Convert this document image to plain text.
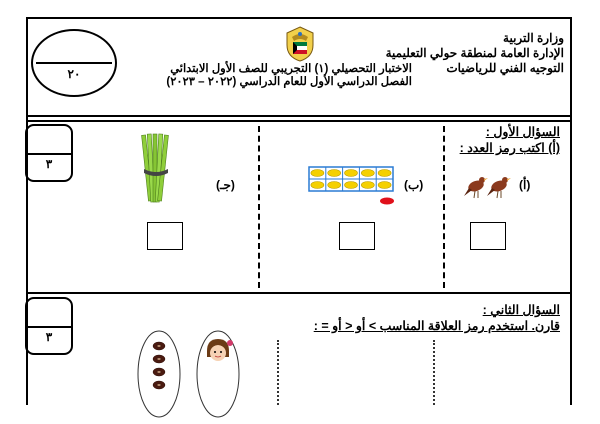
٢٠
وزارة التربية
الإدارة العامة لمنطقة حولي التعليمية
التوجيه الفني للرياضيات
الاختبار التحصيلي (١) التجريبي للصف الأول الابتدائي
الفصل الدراسي الأول للعام الدراسي (٢٠٢٢ – ٢٠٢٣)
٣
السؤال الأول :
(أ) اكتب رمز العدد :
(أ)
(ب)
(جـ)
٣
السؤال الثاني :
قارن. استخدم رمز العلاقة المناسب > أو < أو = :
